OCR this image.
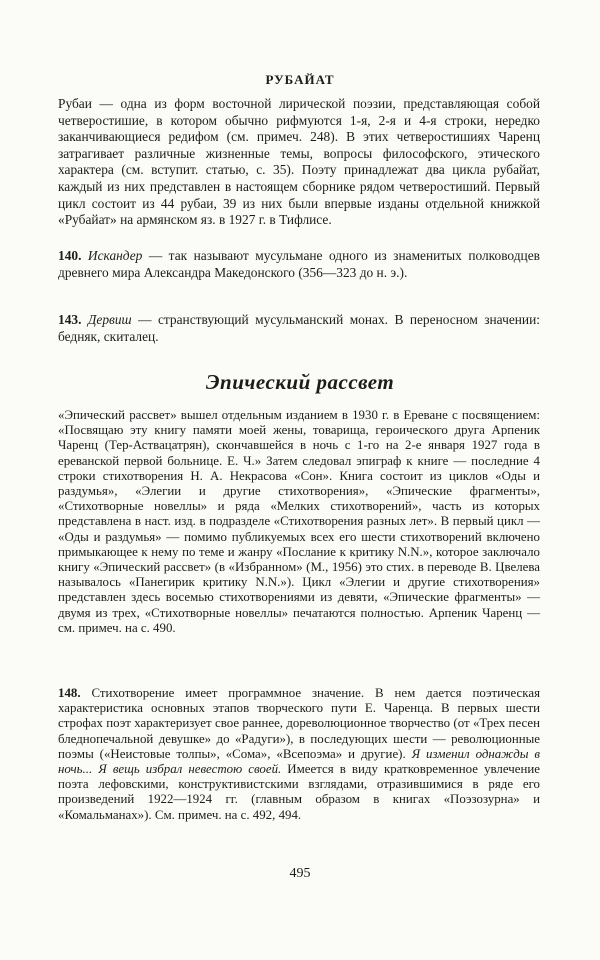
РУБАЙАТ

Рубаи — одна из форм восточной лирической поэзии, представляющая собой четверостишие, в котором обычно рифмуются 1-я, 2-я и 4-я строки, нередко заканчивающиеся редифом (см. примеч. 248). В этих четверостишиях Чаренц затрагивает различные жизненные темы, вопросы философского, этического характера (см. вступит. статью, с. 35). Поэту принадлежат два цикла рубайат, каждый из них представлен в настоящем сборнике рядом четверостиший. Первый цикл состоит из 44 рубаи, 39 из них были впервые изданы отдельной книжкой «Рубайат» на армянском яз. в 1927 г. в Тифлисе.

140. Искандер — так называют мусульмане одного из знаменитых полководцев древнего мира Александра Македонского (356—323 до н. э.).

143. Дервиш — странствующий мусульманский монах. В переносном значении: бедняк, скиталец.

Эпический рассвет

«Эпический рассвет» вышел отдельным изданием в 1930 г. в Ереване с посвящением: «Посвящаю эту книгу памяти моей жены, товарища, героического друга Арпеник Чаренц (Тер-Аствацатрян), скончавшейся в ночь с 1-го на 2-е января 1927 года в ереванской первой больнице. Е. Ч.» Затем следовал эпиграф к книге — последние 4 строки стихотворения Н. А. Некрасова «Сон». Книга состоит из циклов «Оды и раздумья», «Элегии и другие стихотворения», «Эпические фрагменты», «Стихотворные новеллы» и ряда «Мелких стихотворений», часть из которых представлена в наст. изд. в подразделе «Стихотворения разных лет». В первый цикл — «Оды и раздумья» — помимо публикуемых всех его шести стихотворений включено примыкающее к нему по теме и жанру «Послание к критику N.N.», которое заключало книгу «Эпический рассвет» (в «Избранном» (М., 1956) это стих. в переводе В. Цвелева называлось «Панегирик критику N.N.»). Цикл «Элегии и другие стихотворения» представлен здесь восемью стихотворениями из девяти, «Эпические фрагменты» — двумя из трех, «Стихотворные новеллы» печатаются полностью. Арпеник Чаренц — см. примеч. на с. 490.

148. Стихотворение имеет программное значение. В нем дается поэтическая характеристика основных этапов творческого пути Е. Чаренца. В первых шести строфах поэт характеризует свое раннее, дореволюционное творчество (от «Трех песен бледнопечальной девушке» до «Радуги»), в последующих шести — революционные поэмы («Неистовые толпы», «Сома», «Всепоэма» и другие). Я изменил однажды в ночь... Я вещь избрал невестою своей. Имеется в виду кратковременное увлечение поэта лефовскими, конструктивистскими взглядами, отразившимися в ряде его произведений 1922—1924 гг. (главным образом в книгах «Поэзозурна» и «Комальманах»). См. примеч. на с. 492, 494.

495
